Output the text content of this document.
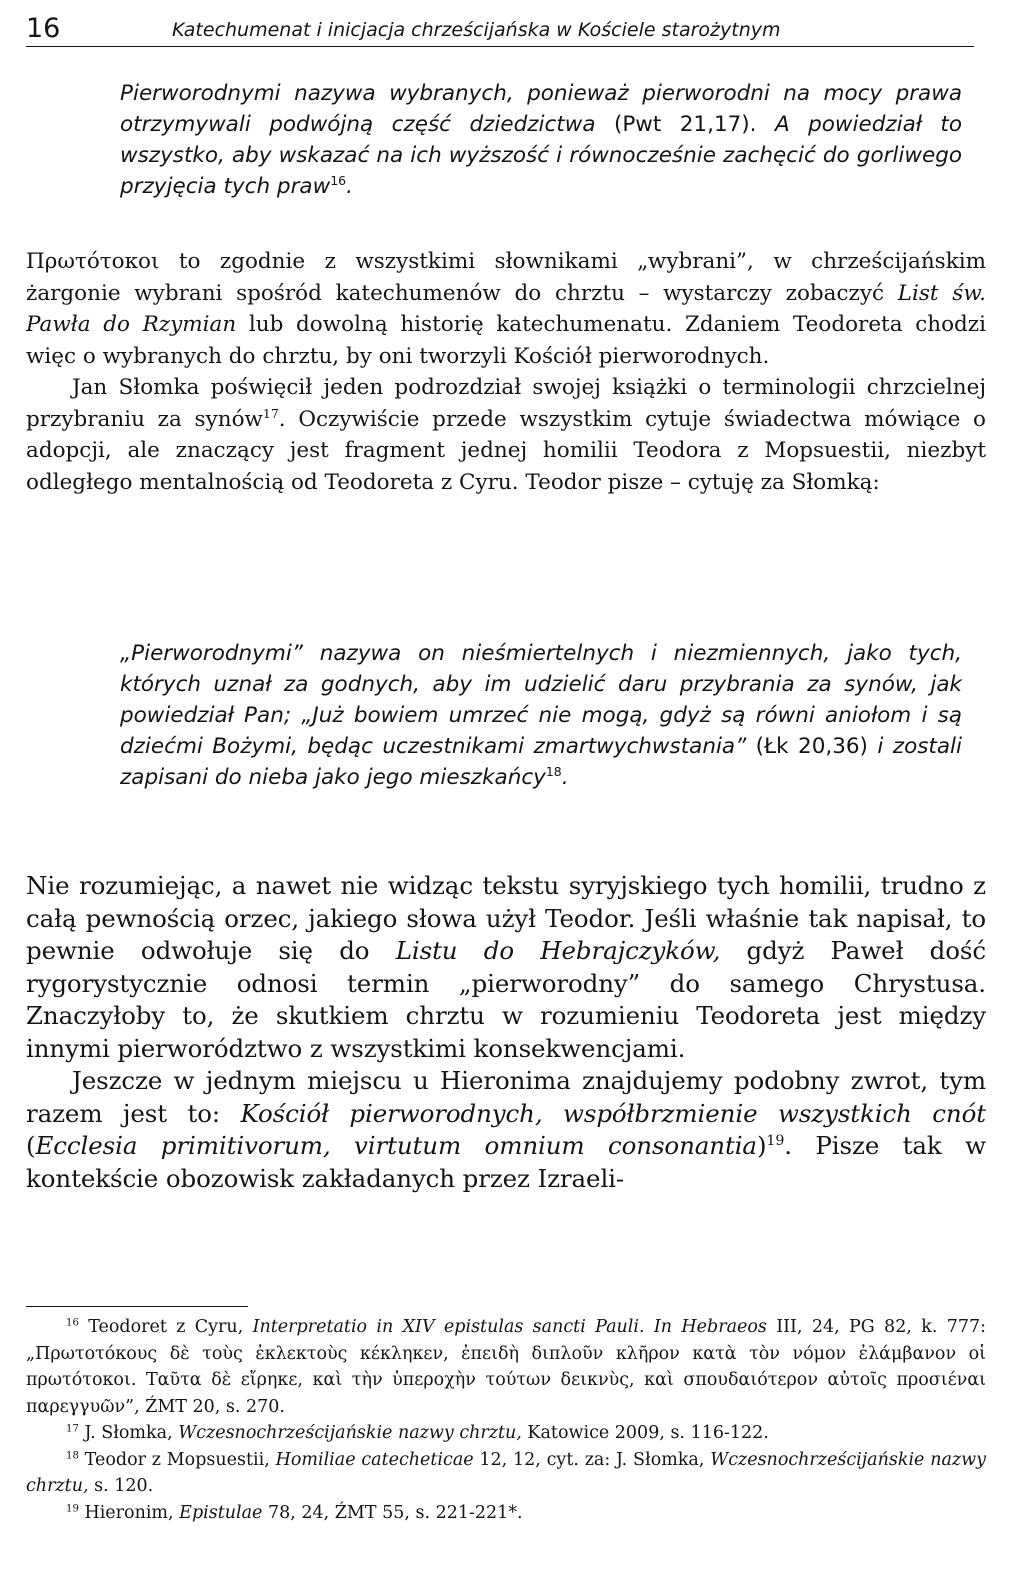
16	Katechumenat i inicjacja chrześcijańska w Kościele starożytnym

Pierworodnymi nazywa wybranych, ponieważ pierworodni na mocy prawa otrzymywali podwójną część dziedzictwa (Pwt 21,17). A powiedział to wszystko, aby wskazać na ich wyższość i równocześnie zachęcić do gorliwego przyjęcia tych praw$^{16}$.

Πρωτότοκοι to zgodnie z wszystkimi słownikami „wybrani”, w chrześcijańskim żargonie wybrani spośród katechumenów do chrztu – wystarczy zobaczyć List św. Pawła do Rzymian lub dowolną historię katechumenatu. Zdaniem Teodoreta chodzi więc o wybranych do chrztu, by oni tworzyli Kościół pierworodnych.

Jan Słomka poświęcił jeden podrozdział swojej książki o terminologii chrzcielnej przybraniu za synów$^{17}$. Oczywiście przede wszystkim cytuje świadectwa mówiące o adopcji, ale znaczący jest fragment jednej homilii Teodora z Mopsuestii, niezbyt odległego mentalnością od Teodoreta z Cyru. Teodor pisze – cytuję za Słomką:

„Pierworodnymi” nazywa on nieśmiertelnych i niezmiennych, jako tych, których uznał za godnych, aby im udzielić daru przybrania za synów, jak powiedział Pan; „Już bowiem umrzeć nie mogą, gdyż są równi aniołom i są dziećmi Bożymi, będąc uczestnikami zmartwychwstania” (Łk 20,36) i zostali zapisani do nieba jako jego mieszkańcy$^{18}$.

Nie rozumiejąc, a nawet nie widząc tekstu syryjskiego tych homilii, trudno z całą pewnością orzec, jakiego słowa użył Teodor. Jeśli właśnie tak napisał, to pewnie odwołuje się do Listu do Hebrajczyków, gdyż Paweł dość rygorystycznie odnosi termin „pierworodny” do samego Chrystusa. Znaczyłoby to, że skutkiem chrztu w rozumieniu Teodoreta jest między innymi pierworództwo z wszystkimi konsekwencjami.

Jeszcze w jednym miejscu u Hieronima znajdujemy podobny zwrot, tym razem jest to: Kościół pierworodnych, współbrzmienie wszystkich cnót (Ecclesia primitivorum, virtutum omnium consonantia)$^{19}$. Pisze tak w kontekście obozowisk zakładanych przez Izraeli-

$^{16}$ Teodoret z Cyru, Interpretatio in XIV epistulas sancti Pauli. In Hebraeos III, 24, PG 82, k. 777: „Πρωτοτόκους δὲ τοὺς ἐκλεκτοὺς κέκληκεν, ἐπειδὴ διπλοῦν κλῆρον κατὰ τὸν νόμον ἐλάμβανον οἱ πρωτότοκοι. Ταῦτα δὲ εἴρηκε, καὶ τὴν ὑπεροχὴν τούτων δεικνὺς, καὶ σπουδαιότερον αὐτοῖς προσιέναι παρεγγυῶν”, ŹMT 20, s. 270.

$^{17}$ J. Słomka, Wczesnochrześcijańskie nazwy chrztu, Katowice 2009, s. 116-122.

$^{18}$ Teodor z Mopsuestii, Homiliae catecheticae 12, 12, cyt. za: J. Słomka, Wczesnochrześcijańskie nazwy chrztu, s. 120.

$^{19}$ Hieronim, Epistulae 78, 24, ŹMT 55, s. 221-221*.
